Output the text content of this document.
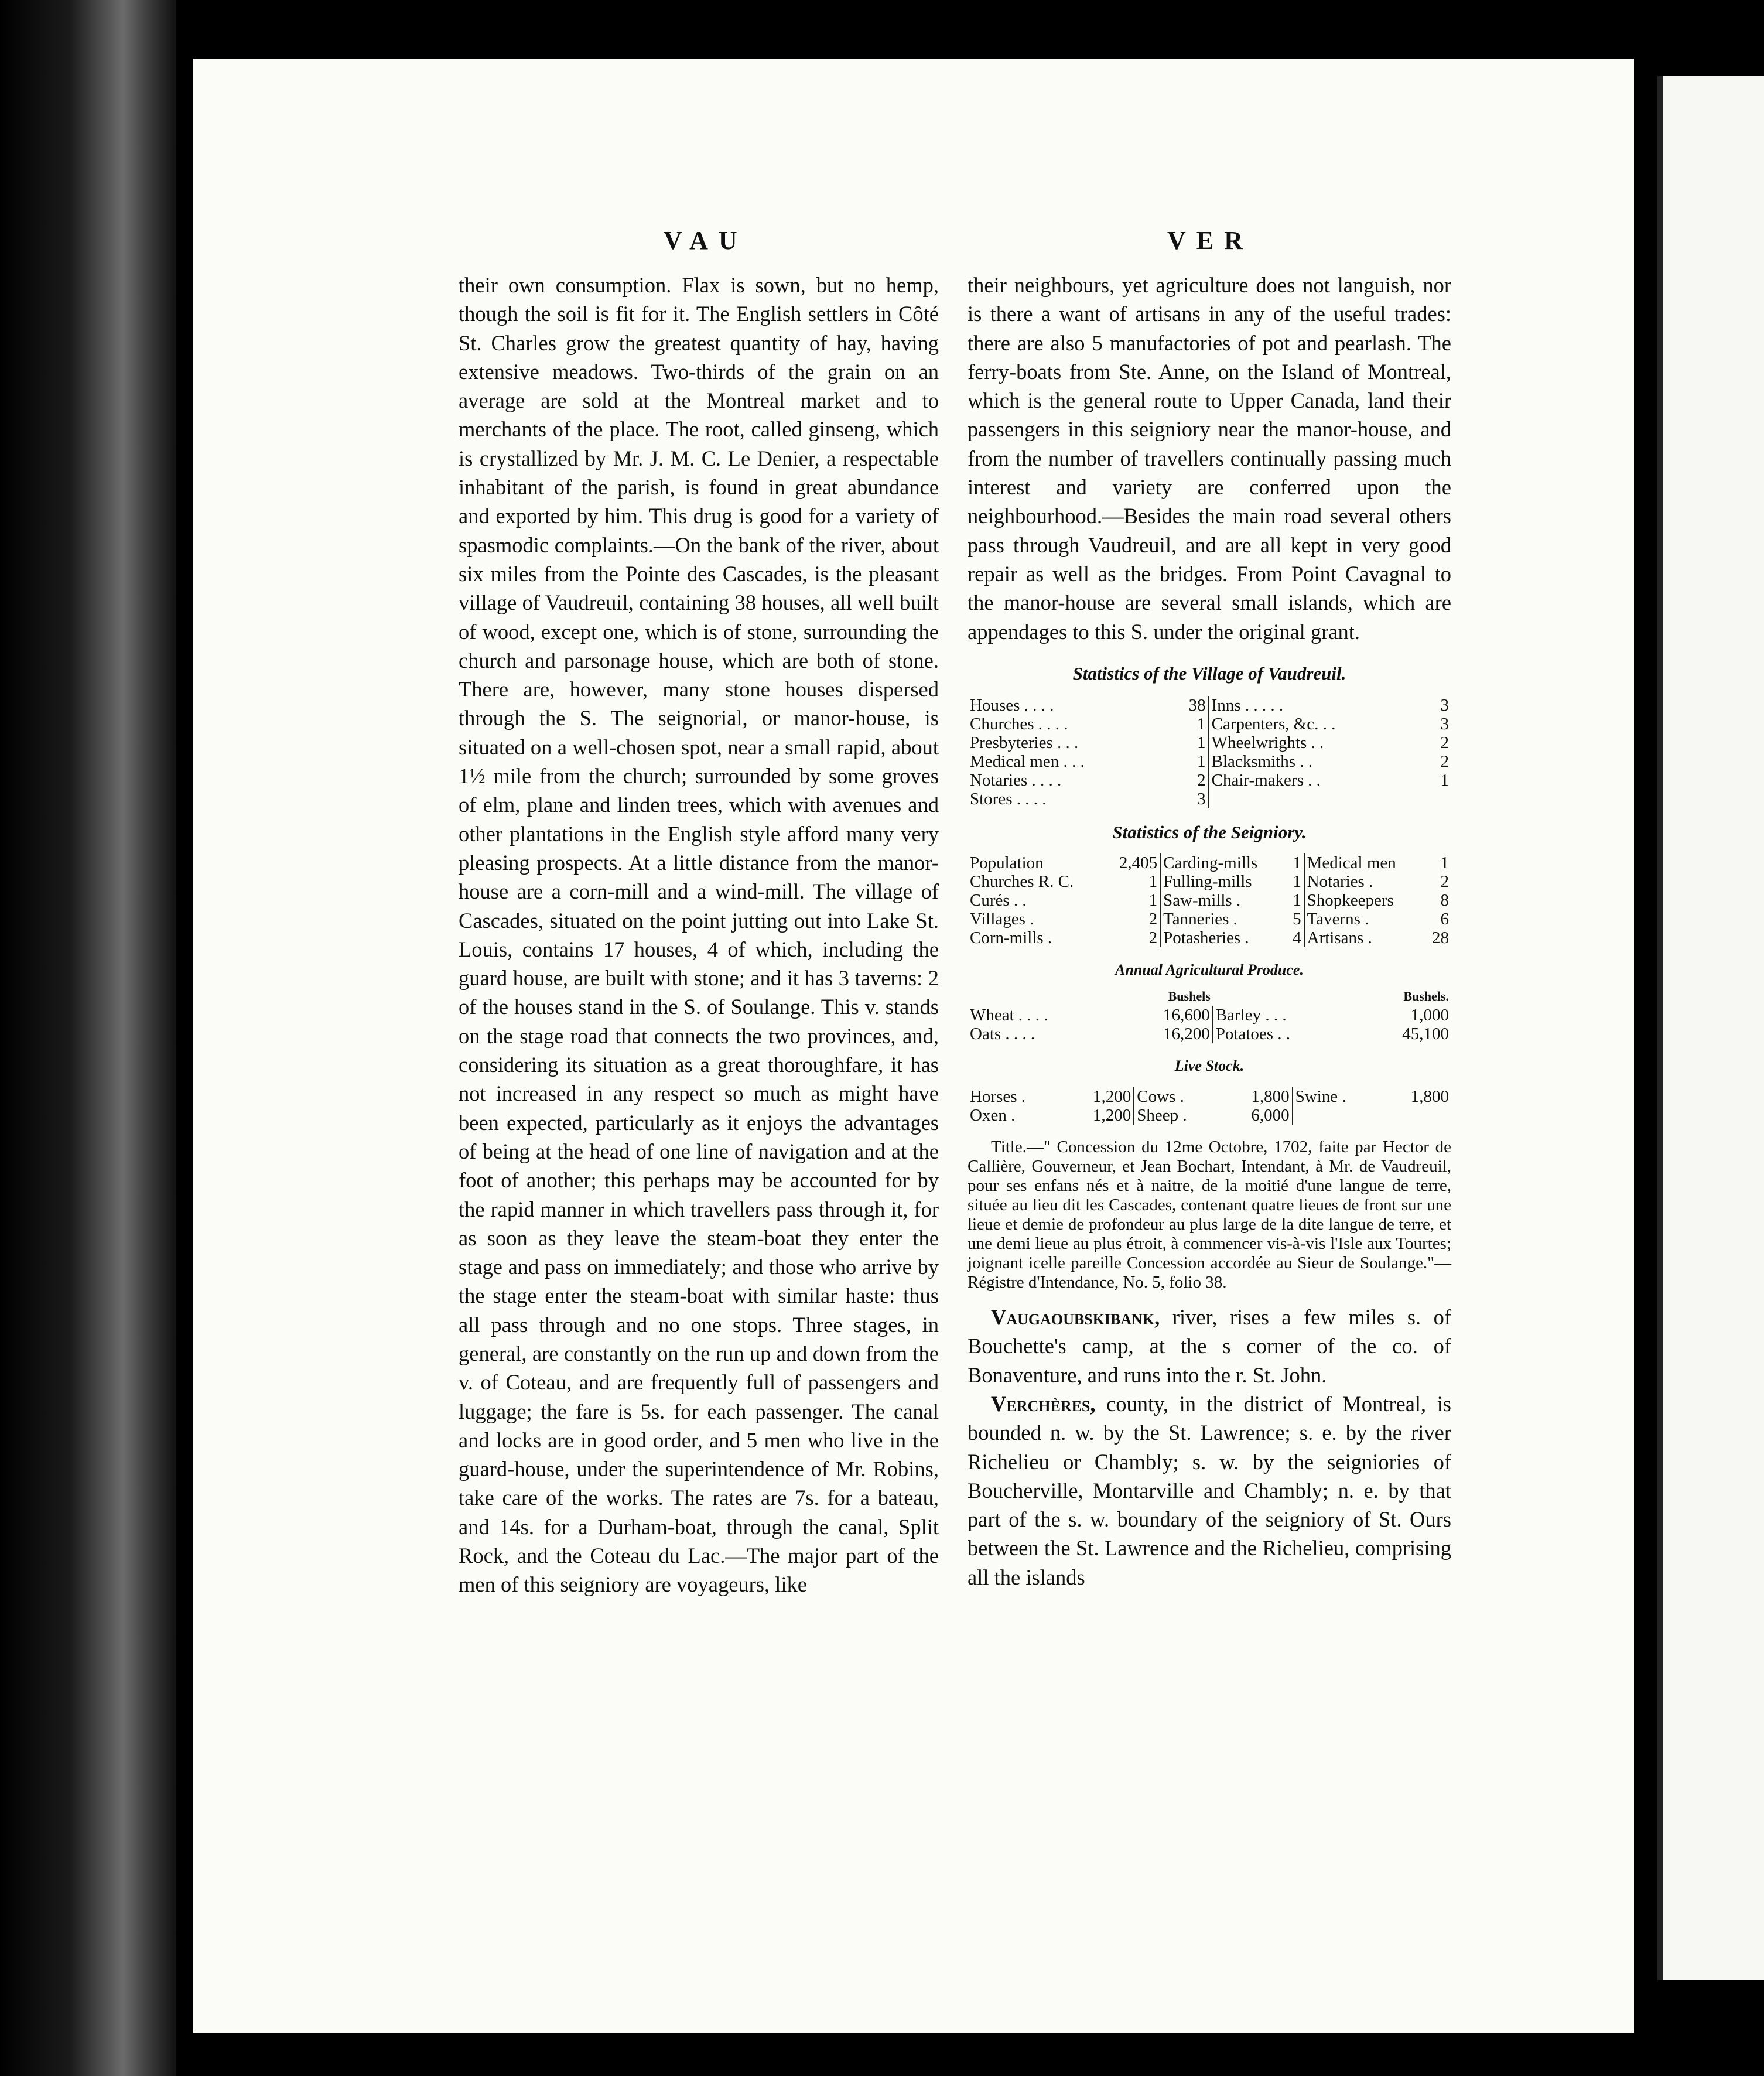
VAU	VER

their own consumption. Flax is sown, but no hemp, though the soil is fit for it. The English settlers in Côté St. Charles grow the greatest quantity of hay, having extensive meadows. Two-thirds of the grain on an average are sold at the Montreal market and to merchants of the place. The root, called ginseng, which is crystallized by Mr. J. M. C. Le Denier, a respectable inhabitant of the parish, is found in great abundance and exported by him. This drug is good for a variety of spasmodic complaints.—On the bank of the river, about six miles from the Pointe des Cascades, is the pleasant village of Vaudreuil, containing 38 houses, all well built of wood, except one, which is of stone, surrounding the church and parsonage house, which are both of stone. There are, however, many stone houses dispersed through the S. The seignorial, or manor-house, is situated on a well-chosen spot, near a small rapid, about 1½ mile from the church; surrounded by some groves of elm, plane and linden trees, which with avenues and other plantations in the English style afford many very pleasing prospects. At a little distance from the manor-house are a corn-mill and a wind-mill. The village of Cascades, situated on the point jutting out into Lake St. Louis, contains 17 houses, 4 of which, including the guard house, are built with stone; and it has 3 taverns: 2 of the houses stand in the S. of Soulange. This v. stands on the stage road that connects the two provinces, and, considering its situation as a great thoroughfare, it has not increased in any respect so much as might have been expected, particularly as it enjoys the advantages of being at the head of one line of navigation and at the foot of another; this perhaps may be accounted for by the rapid manner in which travellers pass through it, for as soon as they leave the steam-boat they enter the stage and pass on immediately; and those who arrive by the stage enter the steam-boat with similar haste: thus all pass through and no one stops. Three stages, in general, are constantly on the run up and down from the v. of Coteau, and are frequently full of passengers and luggage; the fare is 5s. for each passenger. The canal and locks are in good order, and 5 men who live in the guard-house, under the superintendence of Mr. Robins, take care of the works. The rates are 7s. for a bateau, and 14s. for a Durham-boat, through the canal, Split Rock, and the Coteau du Lac.—The major part of the men of this seigniory are voyageurs, like

their neighbours, yet agriculture does not languish, nor is there a want of artisans in any of the useful trades: there are also 5 manufactories of pot and pearlash. The ferry-boats from Ste. Anne, on the Island of Montreal, which is the general route to Upper Canada, land their passengers in this seigniory near the manor-house, and from the number of travellers continually passing much interest and variety are conferred upon the neighbourhood.—Besides the main road several others pass through Vaudreuil, and are all kept in very good repair as well as the bridges. From Point Cavagnal to the manor-house are several small islands, which are appendages to this S. under the original grant.

Statistics of the Village of Vaudreuil.
Houses . . . .	38	Inns . . . . .	3
Churches . . . .	1	Carpenters, &c. . .	3
Presbyteries . . .	1	Wheelwrights . .	2
Medical men . . .	1	Blacksmiths . .	2
Notaries . . . .	2	Chair-makers . .	1
Stores . . . .	3		
Statistics of the Seigniory.
Population	2,405	Carding-mills	1	Medical men	1
Churches R. C.	1	Fulling-mills	1	Notaries .	2
Curés . .	1	Saw-mills .	1	Shopkeepers	8
Villages .	2	Tanneries .	5	Taverns .	6
Corn-mills .	2	Potasheries .	4	Artisans .	28
Annual Agricultural Produce.
	Bushels		Bushels.
Wheat . . . .	16,600	Barley . . .	1,000
Oats . . . .	16,200	Potatoes . .	45,100
Live Stock.
Horses .	1,200	Cows .	1,800	Swine .	1,800
Oxen .	1,200	Sheep .	6,000		

Title.—" Concession du 12me Octobre, 1702, faite par Hector de Callière, Gouverneur, et Jean Bochart, Intendant, à Mr. de Vaudreuil, pour ses enfans nés et à naitre, de la moitié d'une langue de terre, située au lieu dit les Cascades, contenant quatre lieues de front sur une lieue et demie de profondeur au plus large de la dite langue de terre, et une demi lieue au plus étroit, à commencer vis-à-vis l'Isle aux Tourtes; joignant icelle pareille Concession accordée au Sieur de Soulange."—Régistre d'Intendance, No. 5, folio 38.

Vaugaoubskibank, river, rises a few miles s. of Bouchette's camp, at the s corner of the co. of Bonaventure, and runs into the r. St. John.

Verchères, county, in the district of Montreal, is bounded n. w. by the St. Lawrence; s. e. by the river Richelieu or Chambly; s. w. by the seigniories of Boucherville, Montarville and Chambly; n. e. by that part of the s. w. boundary of the seigniory of St. Ours between the St. Lawrence and the Richelieu, comprising all the islands
